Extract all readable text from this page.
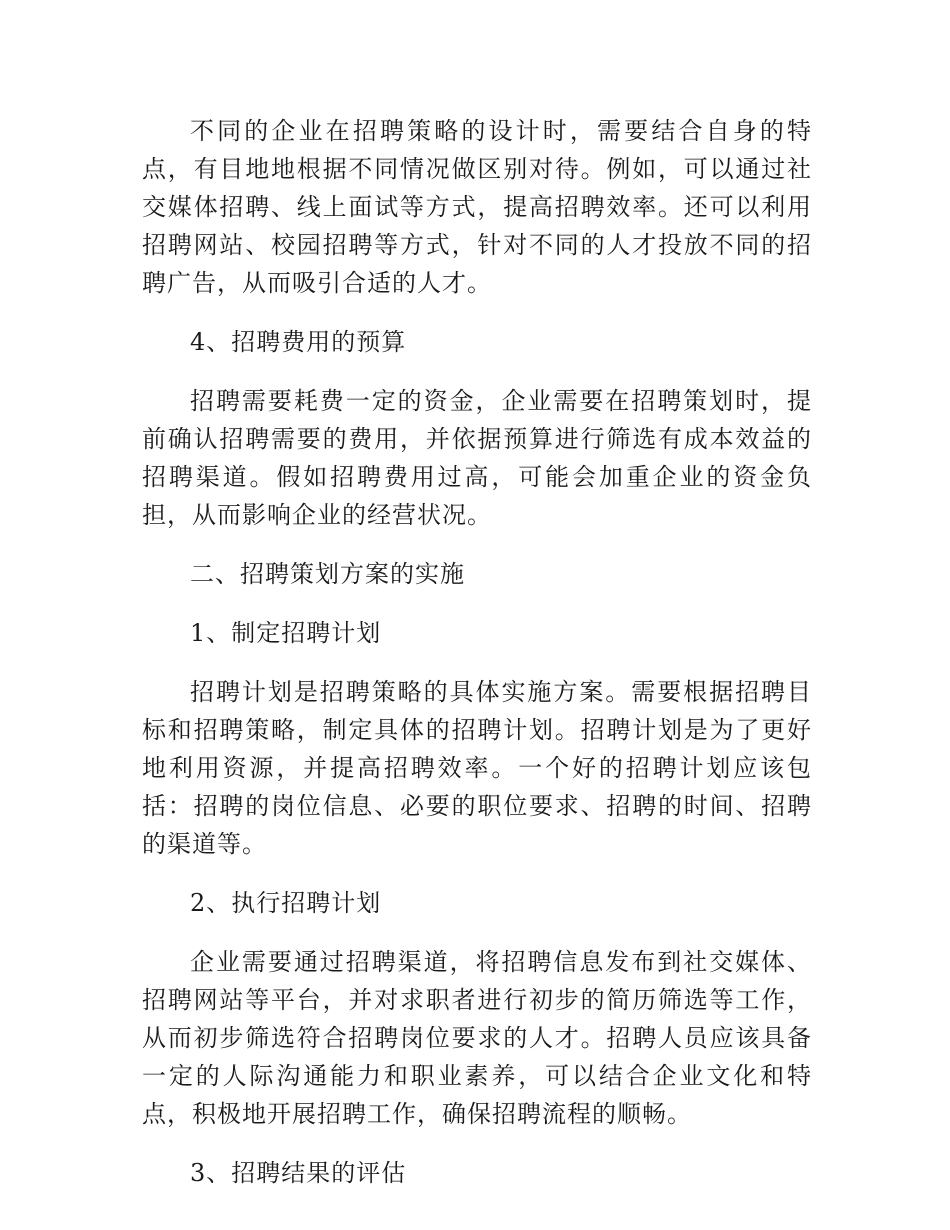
不同的企业在招聘策略的设计时，需要结合自身的特点，有目地地根据不同情况做区别对待。例如，可以通过社交媒体招聘、线上面试等方式，提高招聘效率。还可以利用招聘网站、校园招聘等方式，针对不同的人才投放不同的招聘广告，从而吸引合适的人才。

4、招聘费用的预算

招聘需要耗费一定的资金，企业需要在招聘策划时，提前确认招聘需要的费用，并依据预算进行筛选有成本效益的招聘渠道。假如招聘费用过高，可能会加重企业的资金负担，从而影响企业的经营状况。

二、招聘策划方案的实施

1、制定招聘计划

招聘计划是招聘策略的具体实施方案。需要根据招聘目标和招聘策略，制定具体的招聘计划。招聘计划是为了更好地利用资源，并提高招聘效率。一个好的招聘计划应该包括：招聘的岗位信息、必要的职位要求、招聘的时间、招聘的渠道等。

2、执行招聘计划

企业需要通过招聘渠道，将招聘信息发布到社交媒体、招聘网站等平台，并对求职者进行初步的简历筛选等工作，从而初步筛选符合招聘岗位要求的人才。招聘人员应该具备一定的人际沟通能力和职业素养，可以结合企业文化和特点，积极地开展招聘工作，确保招聘流程的顺畅。

3、招聘结果的评估
